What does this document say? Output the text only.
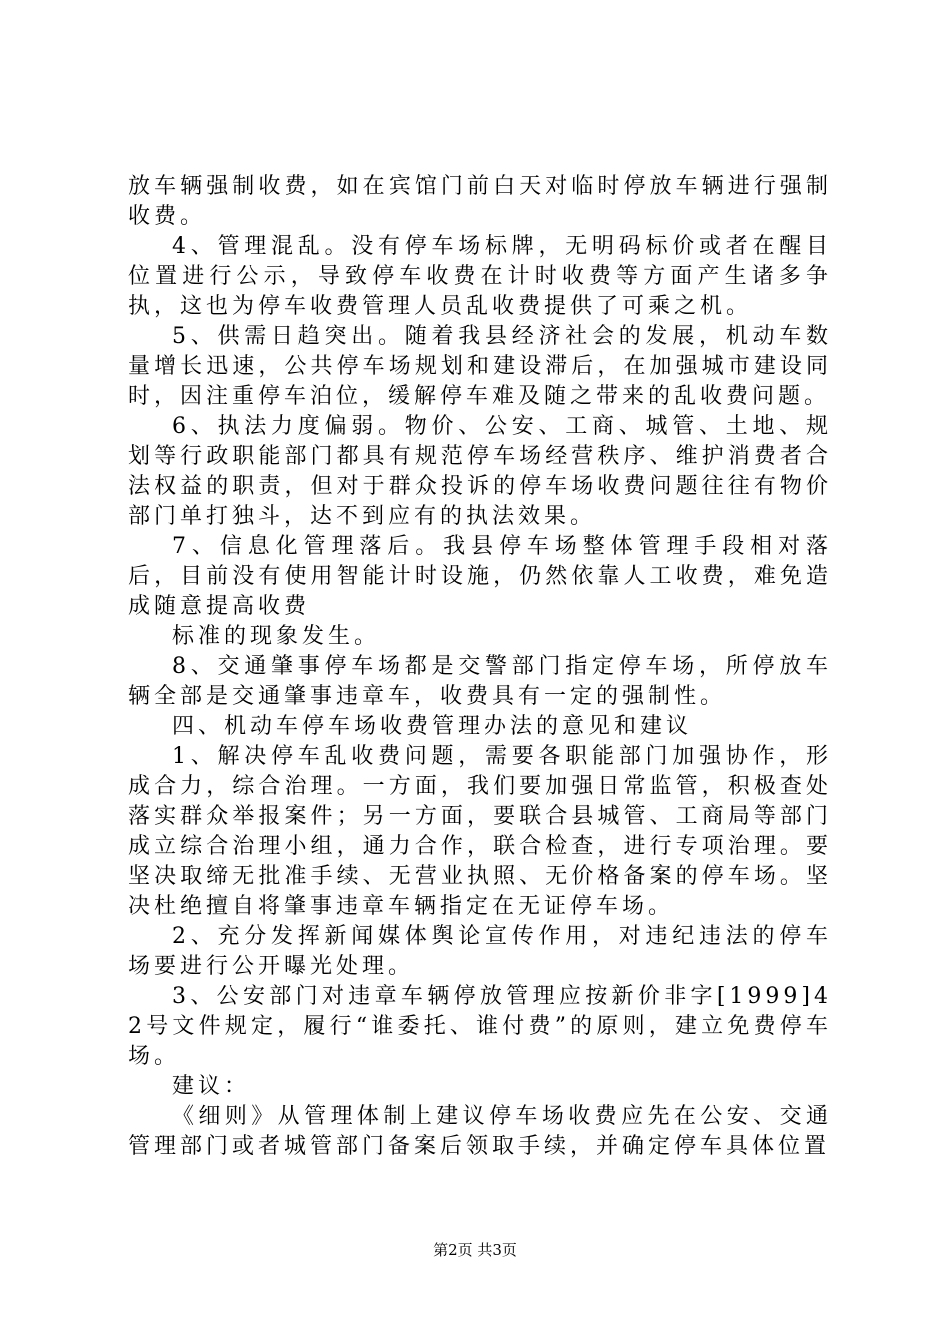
放车辆强制收费，如在宾馆门前白天对临时停放车辆进行强制收费。

4、管理混乱。没有停车场标牌，无明码标价或者在醒目位置进行公示，导致停车收费在计时收费等方面产生诸多争执，这也为停车收费管理人员乱收费提供了可乘之机。

5、供需日趋突出。随着我县经济社会的发展，机动车数量增长迅速，公共停车场规划和建设滞后，在加强城市建设同时，因注重停车泊位，缓解停车难及随之带来的乱收费问题。

6、执法力度偏弱。物价、公安、工商、城管、土地、规划等行政职能部门都具有规范停车场经营秩序、维护消费者合法权益的职责，但对于群众投诉的停车场收费问题往往有物价部门单打独斗，达不到应有的执法效果。

7、信息化管理落后。我县停车场整体管理手段相对落后，目前没有使用智能计时设施，仍然依靠人工收费，难免造成随意提高收费

标准的现象发生。

8、交通肇事停车场都是交警部门指定停车场，所停放车辆全部是交通肇事违章车，收费具有一定的强制性。

四、机动车停车场收费管理办法的意见和建议

1、解决停车乱收费问题，需要各职能部门加强协作，形成合力，综合治理。一方面，我们要加强日常监管，积极查处落实群众举报案件；另一方面，要联合县城管、工商局等部门成立综合治理小组，通力合作，联合检查，进行专项治理。要坚决取缔无批准手续、无营业执照、无价格备案的停车场。坚决杜绝擅自将肇事违章车辆指定在无证停车场。

2、充分发挥新闻媒体舆论宣传作用，对违纪违法的停车场要进行公开曝光处理。

3、公安部门对违章车辆停放管理应按新价非字[1999]42号文件规定，履行“谁委托、谁付费”的原则，建立免费停车场。

建议：

《细则》从管理体制上建议停车场收费应先在公安、交通管理部门或者城管部门备案后领取手续，并确定停车具体位置

第2页 共3页
